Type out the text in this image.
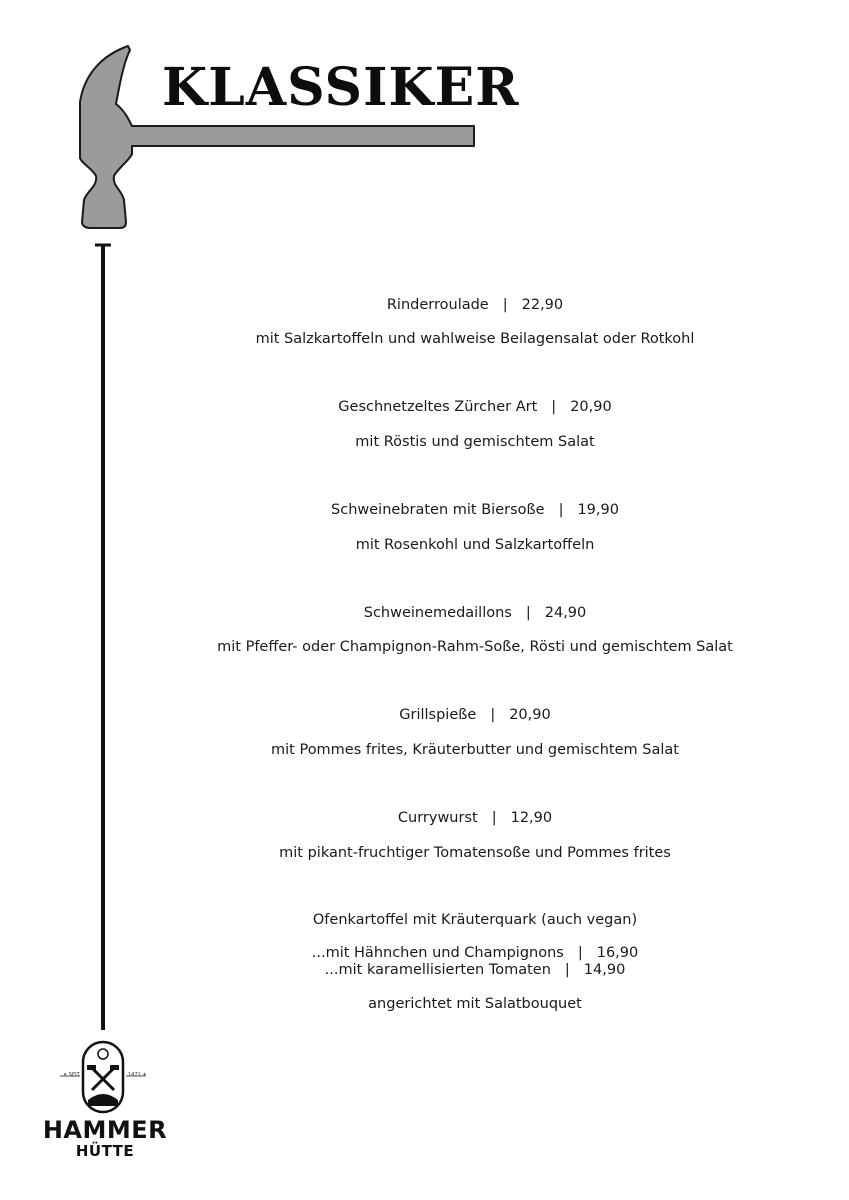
KLASSIKER
Rinderroulade | 22,90
mit Salzkartoffeln und wahlweise Beilagensalat oder Rotkohl
Geschnetzeltes Zürcher Art | 20,90
mit Röstis und gemischtem Salat
Schweinebraten mit Biersoße | 19,90
mit Rosenkohl und Salzkartoffeln
Schweinemedaillons | 24,90
mit Pfeffer- oder Champignon-Rahm-Soße, Rösti und gemischtem Salat
Grillspieße | 20,90
mit Pommes frites, Kräuterbutter und gemischtem Salat
Currywurst | 12,90
mit pikant-fruchtiger Tomatensoße und Pommes frites
Ofenkartoffel mit Kräuterquark (auch vegan)
...mit Hähnchen und Champignons | 16,90
...mit karamellisierten Tomaten | 14,90
angerichtet mit Salatbouquet
✦ SEIT	1471 ✦
HAMMER
HÜTTE
